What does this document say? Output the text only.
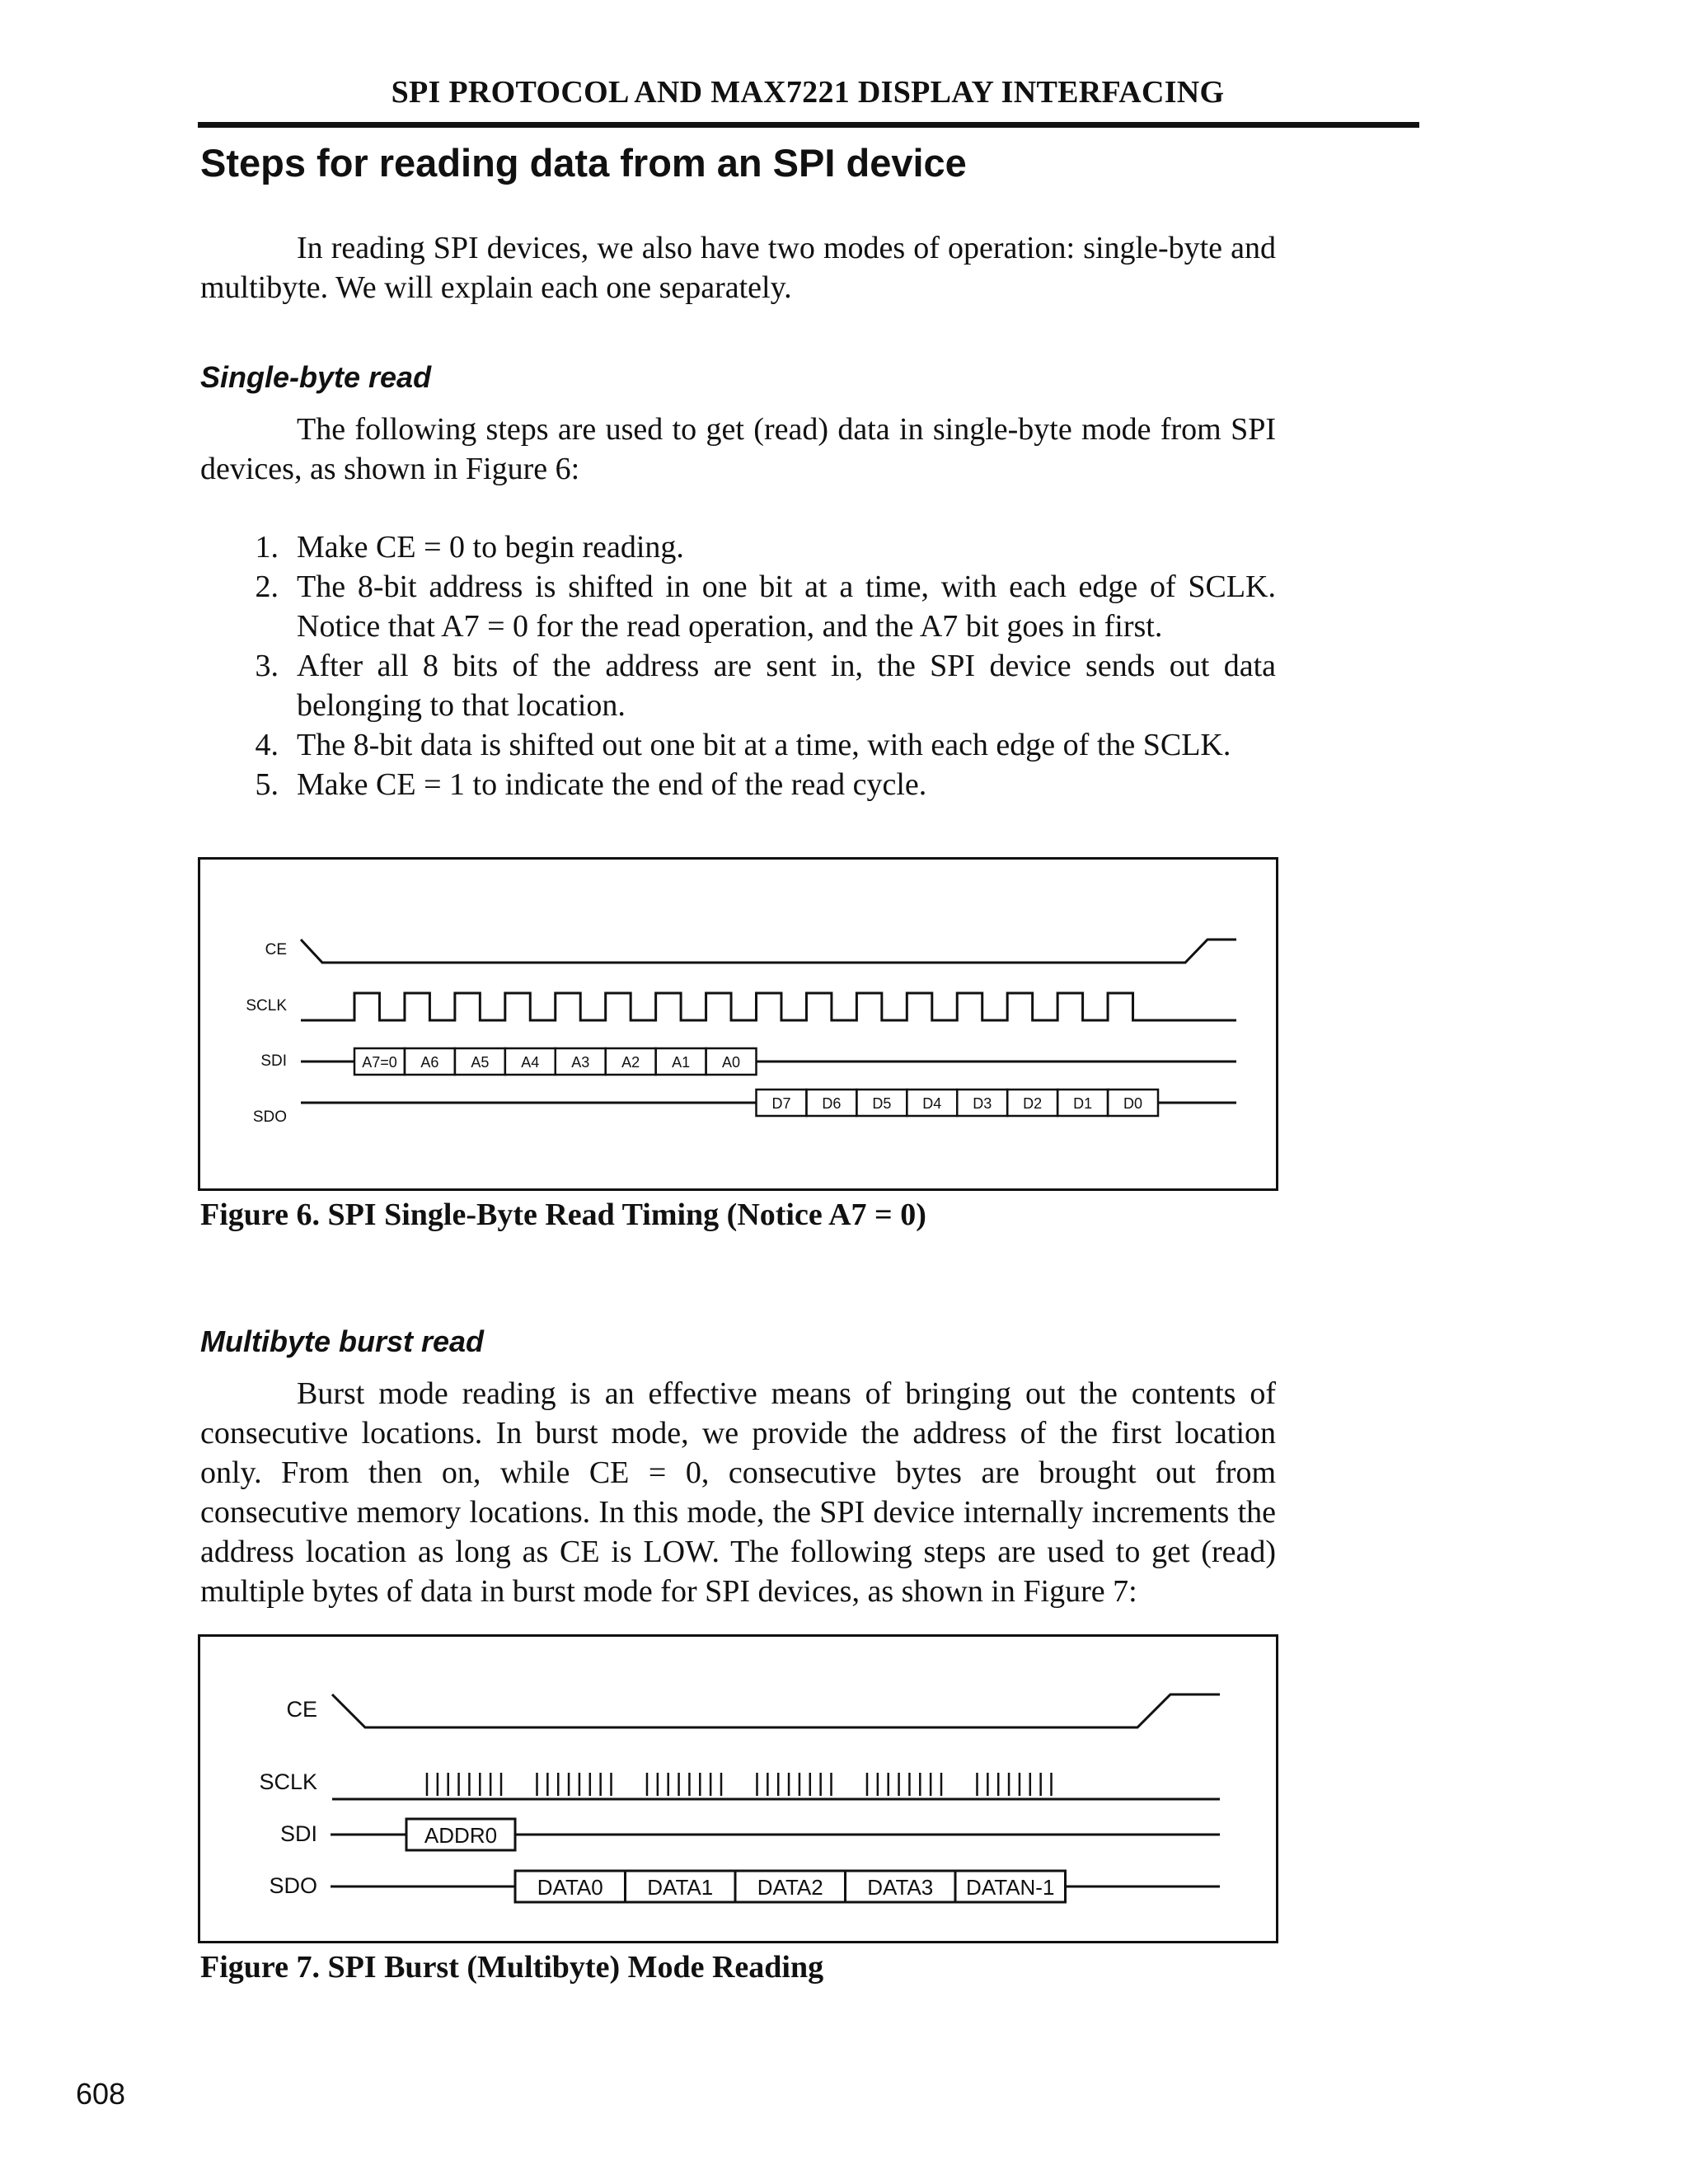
SPI PROTOCOL AND MAX7221 DISPLAY INTERFACING
Steps for reading data from an SPI device

In reading SPI devices, we also have two modes of operation: single-byte and multibyte. We will explain each one separately.

Single-byte read

The following steps are used to get (read) data in single-byte mode from SPI devices, as shown in Figure 6:

1. Make CE = 0 to begin reading.
2. The 8-bit address is shifted in one bit at a time, with each edge of SCLK. Notice that A7 = 0 for the read operation, and the A7 bit goes in first.
3. After all 8 bits of the address are sent in, the SPI device sends out data belonging to that location.
4. The 8-bit data is shifted out one bit at a time, with each edge of the SCLK.
5. Make CE = 1 to indicate the end of the read cycle.
CE
SCLK
SDI
SDO
A7=0 A6 A5 A4 A3 A2 A1 A0
D7 D6 D5 D4 D3 D2 D1 D0

Figure 6. SPI Single-Byte Read Timing (Notice A7 = 0)

Multibyte burst read

Burst mode reading is an effective means of bringing out the contents of consecutive locations. In burst mode, we provide the address of the first location only. From then on, while CE = 0, consecutive bytes are brought out from consecutive memory locations. In this mode, the SPI device internally increments the address location as long as CE is LOW. The following steps are used to get (read) multiple bytes of data in burst mode for SPI devices, as shown in Figure 7:

CE
SCLK
SDI
SDO
ADDR0
DATA0 DATA1 DATA2 DATA3 DATAN-1

Figure 7. SPI Burst (Multibyte) Mode Reading

608
